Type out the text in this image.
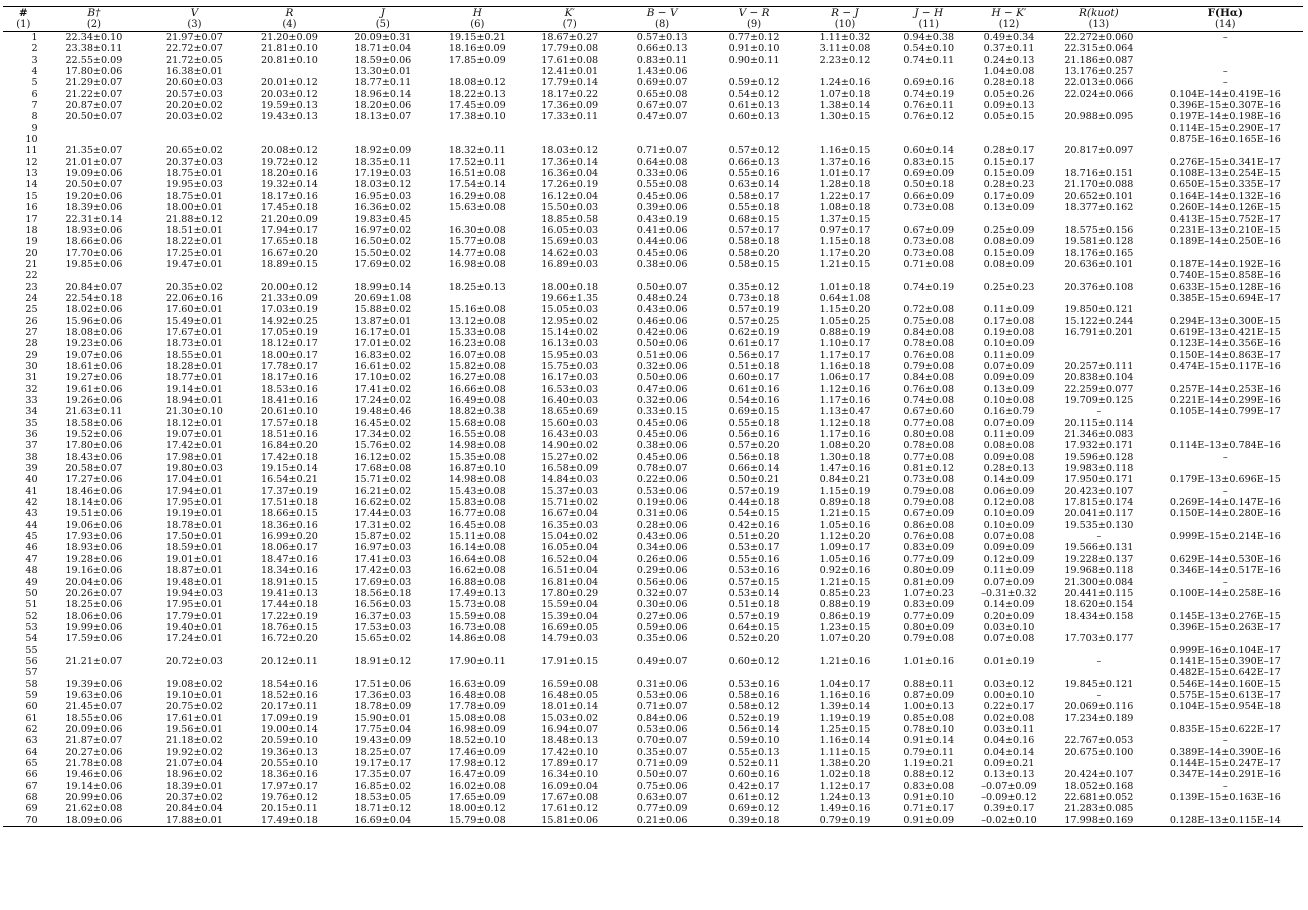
#	B†	V	R	J	H	K′	B − V	V − R	R − J	J − H	H − K′	R(kuot)	F(Hα)
(1)	(2)	(3)	(4)	(5)	(6)	(7)	(8)	(9)	(10)	(11)	(12)	(13)	(14)
1	22.34±0.10	21.97±0.07	21.20±0.09	20.09±0.31	19.15±0.21	18.67±0.27	0.57±0.13	0.77±0.12	1.11±0.32	0.94±0.38	0.49±0.34	22.272±0.060	–
2	23.38±0.11	22.72±0.07	21.81±0.10	18.71±0.04	18.16±0.09	17.79±0.08	0.66±0.13	0.91±0.10	3.11±0.08	0.54±0.10	0.37±0.11	22.315±0.064	
3	22.55±0.09	21.72±0.05	20.81±0.10	18.59±0.06	17.85±0.09	17.61±0.08	0.83±0.11	0.90±0.11	2.23±0.12	0.74±0.11	0.24±0.13	21.186±0.087	
4	17.80±0.06	16.38±0.01		13.30±0.01		12.41±0.01	1.43±0.06				1.04±0.08	13.176±0.257	–
5	21.29±0.07	20.60±0.03	20.01±0.12	18.77±0.11	18.08±0.12	17.79±0.14	0.69±0.07	0.59±0.12	1.24±0.16	0.69±0.16	0.28±0.18	22.013±0.066	–
6	21.22±0.07	20.57±0.03	20.03±0.12	18.96±0.14	18.22±0.13	18.17±0.22	0.65±0.08	0.54±0.12	1.07±0.18	0.74±0.19	0.05±0.26	22.024±0.066	0.104E–14±0.419E–16
7	20.87±0.07	20.20±0.02	19.59±0.13	18.20±0.06	17.45±0.09	17.36±0.09	0.67±0.07	0.61±0.13	1.38±0.14	0.76±0.11	0.09±0.13		0.396E–15±0.307E–16
8	20.50±0.07	20.03±0.02	19.43±0.13	18.13±0.07	17.38±0.10	17.33±0.11	0.47±0.07	0.60±0.13	1.30±0.15	0.76±0.12	0.05±0.15	20.988±0.095	0.197E–14±0.198E–16
9													0.114E–15±0.290E–17
10													0.875E–16±0.165E–16
11	21.35±0.07	20.65±0.02	20.08±0.12	18.92±0.09	18.32±0.11	18.03±0.12	0.71±0.07	0.57±0.12	1.16±0.15	0.60±0.14	0.28±0.17	20.817±0.097	
12	21.01±0.07	20.37±0.03	19.72±0.12	18.35±0.11	17.52±0.11	17.36±0.14	0.64±0.08	0.66±0.13	1.37±0.16	0.83±0.15	0.15±0.17		0.276E–15±0.341E–17
13	19.09±0.06	18.75±0.01	18.20±0.16	17.19±0.03	16.51±0.08	16.36±0.04	0.33±0.06	0.55±0.16	1.01±0.17	0.69±0.09	0.15±0.09	18.716±0.151	0.108E–13±0.254E–15
14	20.50±0.07	19.95±0.03	19.32±0.14	18.03±0.12	17.54±0.14	17.26±0.19	0.55±0.08	0.63±0.14	1.28±0.18	0.50±0.18	0.28±0.23	21.170±0.088	0.650E–15±0.335E–17
15	19.20±0.06	18.75±0.01	18.17±0.16	16.95±0.03	16.29±0.08	16.12±0.04	0.45±0.06	0.58±0.17	1.22±0.17	0.66±0.09	0.17±0.09	20.652±0.101	0.164E–14±0.132E–16
16	18.39±0.06	18.00±0.01	17.45±0.18	16.36±0.02	15.63±0.08	15.50±0.03	0.39±0.06	0.55±0.18	1.08±0.18	0.73±0.08	0.13±0.09	18.377±0.162	0.260E–14±0.126E–15
17	22.31±0.14	21.88±0.12	21.20±0.09	19.83±0.45		18.85±0.58	0.43±0.19	0.68±0.15	1.37±0.15				0.413E–15±0.752E–17
18	18.93±0.06	18.51±0.01	17.94±0.17	16.97±0.02	16.30±0.08	16.05±0.03	0.41±0.06	0.57±0.17	0.97±0.17	0.67±0.09	0.25±0.09	18.575±0.156	0.231E–13±0.210E–15
19	18.66±0.06	18.22±0.01	17.65±0.18	16.50±0.02	15.77±0.08	15.69±0.03	0.44±0.06	0.58±0.18	1.15±0.18	0.73±0.08	0.08±0.09	19.581±0.128	0.189E–14±0.250E–16
20	17.70±0.06	17.25±0.01	16.67±0.20	15.50±0.02	14.77±0.08	14.62±0.03	0.45±0.06	0.58±0.20	1.17±0.20	0.73±0.08	0.15±0.09	18.176±0.165	
21	19.85±0.06	19.47±0.01	18.89±0.15	17.69±0.02	16.98±0.08	16.89±0.03	0.38±0.06	0.58±0.15	1.21±0.15	0.71±0.08	0.08±0.09	20.636±0.101	0.187E–14±0.192E–16
22													0.740E–15±0.858E–16
23	20.84±0.07	20.35±0.02	20.00±0.12	18.99±0.14	18.25±0.13	18.00±0.18	0.50±0.07	0.35±0.12	1.01±0.18	0.74±0.19	0.25±0.23	20.376±0.108	0.633E–15±0.128E–16
24	22.54±0.18	22.06±0.16	21.33±0.09	20.69±1.08		19.66±1.35	0.48±0.24	0.73±0.18	0.64±1.08				0.385E–15±0.694E–17
25	18.02±0.06	17.60±0.01	17.03±0.19	15.88±0.02	15.16±0.08	15.05±0.03	0.43±0.06	0.57±0.19	1.15±0.20	0.72±0.08	0.11±0.09	19.850±0.121	
26	15.96±0.06	15.49±0.01	14.92±0.25	13.87±0.01	13.12±0.08	12.95±0.02	0.46±0.06	0.57±0.25	1.05±0.25	0.75±0.08	0.17±0.08	15.122±0.244	0.294E–13±0.300E–15
27	18.08±0.06	17.67±0.01	17.05±0.19	16.17±0.01	15.33±0.08	15.14±0.02	0.42±0.06	0.62±0.19	0.88±0.19	0.84±0.08	0.19±0.08	16.791±0.201	0.619E–13±0.421E–15
28	19.23±0.06	18.73±0.01	18.12±0.17	17.01±0.02	16.23±0.08	16.13±0.03	0.50±0.06	0.61±0.17	1.10±0.17	0.78±0.08	0.10±0.09		0.123E–14±0.356E–16
29	19.07±0.06	18.55±0.01	18.00±0.17	16.83±0.02	16.07±0.08	15.95±0.03	0.51±0.06	0.56±0.17	1.17±0.17	0.76±0.08	0.11±0.09		0.150E–14±0.863E–17
30	18.61±0.06	18.28±0.01	17.78±0.17	16.61±0.02	15.82±0.08	15.75±0.03	0.32±0.06	0.51±0.18	1.16±0.18	0.79±0.08	0.07±0.09	20.257±0.111	0.474E–15±0.117E–16
31	19.27±0.06	18.77±0.01	18.17±0.16	17.10±0.02	16.27±0.08	16.17±0.03	0.50±0.06	0.60±0.17	1.06±0.17	0.84±0.08	0.09±0.09	20.838±0.104	
32	19.61±0.06	19.14±0.01	18.53±0.16	17.41±0.02	16.66±0.08	16.53±0.03	0.47±0.06	0.61±0.16	1.12±0.16	0.76±0.08	0.13±0.09	22.259±0.077	0.257E–14±0.253E–16
33	19.26±0.06	18.94±0.01	18.41±0.16	17.24±0.02	16.49±0.08	16.40±0.03	0.32±0.06	0.54±0.16	1.17±0.16	0.74±0.08	0.10±0.08	19.709±0.125	0.221E–14±0.299E–16
34	21.63±0.11	21.30±0.10	20.61±0.10	19.48±0.46	18.82±0.38	18.65±0.69	0.33±0.15	0.69±0.15	1.13±0.47	0.67±0.60	0.16±0.79	–	0.105E–14±0.799E–17
35	18.58±0.06	18.12±0.01	17.57±0.18	16.45±0.02	15.68±0.08	15.60±0.03	0.45±0.06	0.55±0.18	1.12±0.18	0.77±0.08	0.07±0.09	20.115±0.114	
36	19.52±0.06	19.07±0.01	18.51±0.16	17.34±0.02	16.55±0.08	16.43±0.03	0.45±0.06	0.56±0.16	1.17±0.16	0.80±0.08	0.11±0.09	21.346±0.083	
37	17.80±0.06	17.42±0.01	16.84±0.20	15.76±0.02	14.98±0.08	14.90±0.02	0.38±0.06	0.57±0.20	1.08±0.20	0.78±0.08	0.08±0.08	17.932±0.171	0.114E–13±0.784E–16
38	18.43±0.06	17.98±0.01	17.42±0.18	16.12±0.02	15.35±0.08	15.27±0.02	0.45±0.06	0.56±0.18	1.30±0.18	0.77±0.08	0.09±0.08	19.596±0.128	–
39	20.58±0.07	19.80±0.03	19.15±0.14	17.68±0.08	16.87±0.10	16.58±0.09	0.78±0.07	0.66±0.14	1.47±0.16	0.81±0.12	0.28±0.13	19.983±0.118	
40	17.27±0.06	17.04±0.01	16.54±0.21	15.71±0.02	14.98±0.08	14.84±0.03	0.22±0.06	0.50±0.21	0.84±0.21	0.73±0.08	0.14±0.09	17.950±0.171	0.179E–13±0.696E–15
41	18.46±0.06	17.94±0.01	17.37±0.19	16.21±0.02	15.43±0.08	15.37±0.03	0.53±0.06	0.57±0.19	1.15±0.19	0.79±0.08	0.06±0.09	20.423±0.107	–
42	18.14±0.06	17.95±0.01	17.51±0.18	16.62±0.02	15.83±0.08	15.71±0.02	0.19±0.06	0.44±0.18	0.89±0.18	0.79±0.08	0.12±0.08	17.815±0.174	0.269E–14±0.147E–16
43	19.51±0.06	19.19±0.01	18.66±0.15	17.44±0.03	16.77±0.08	16.67±0.04	0.31±0.06	0.54±0.15	1.21±0.15	0.67±0.09	0.10±0.09	20.041±0.117	0.150E–14±0.280E–16
44	19.06±0.06	18.78±0.01	18.36±0.16	17.31±0.02	16.45±0.08	16.35±0.03	0.28±0.06	0.42±0.16	1.05±0.16	0.86±0.08	0.10±0.09	19.535±0.130	
45	17.93±0.06	17.50±0.01	16.99±0.20	15.87±0.02	15.11±0.08	15.04±0.02	0.43±0.06	0.51±0.20	1.12±0.20	0.76±0.08	0.07±0.08	–	0.999E–15±0.214E–16
46	18.93±0.06	18.59±0.01	18.06±0.17	16.97±0.03	16.14±0.08	16.05±0.04	0.34±0.06	0.53±0.17	1.09±0.17	0.83±0.09	0.09±0.09	19.566±0.131	
47	19.28±0.06	19.01±0.01	18.47±0.16	17.41±0.03	16.64±0.08	16.52±0.04	0.26±0.06	0.55±0.16	1.05±0.16	0.77±0.09	0.12±0.09	19.228±0.137	0.629E–14±0.530E–16
48	19.16±0.06	18.87±0.01	18.34±0.16	17.42±0.03	16.62±0.08	16.51±0.04	0.29±0.06	0.53±0.16	0.92±0.16	0.80±0.09	0.11±0.09	19.968±0.118	0.346E–14±0.517E–16
49	20.04±0.06	19.48±0.01	18.91±0.15	17.69±0.03	16.88±0.08	16.81±0.04	0.56±0.06	0.57±0.15	1.21±0.15	0.81±0.09	0.07±0.09	21.300±0.084	–
50	20.26±0.07	19.94±0.03	19.41±0.13	18.56±0.18	17.49±0.13	17.80±0.29	0.32±0.07	0.53±0.14	0.85±0.23	1.07±0.23	–0.31±0.32	20.441±0.115	0.100E–14±0.258E–16
51	18.25±0.06	17.95±0.01	17.44±0.18	16.56±0.03	15.73±0.08	15.59±0.04	0.30±0.06	0.51±0.18	0.88±0.19	0.83±0.09	0.14±0.09	18.620±0.154	
52	18.06±0.06	17.79±0.01	17.22±0.19	16.37±0.03	15.59±0.08	15.39±0.04	0.27±0.06	0.57±0.19	0.86±0.19	0.77±0.09	0.20±0.09	18.434±0.158	0.145E–13±0.276E–15
53	19.99±0.06	19.40±0.01	18.76±0.15	17.53±0.03	16.73±0.08	16.69±0.05	0.59±0.06	0.64±0.15	1.23±0.15	0.80±0.09	0.03±0.10		0.396E–15±0.263E–17
54	17.59±0.06	17.24±0.01	16.72±0.20	15.65±0.02	14.86±0.08	14.79±0.03	0.35±0.06	0.52±0.20	1.07±0.20	0.79±0.08	0.07±0.08	17.703±0.177	
55													0.999E–16±0.104E–17
56	21.21±0.07	20.72±0.03	20.12±0.11	18.91±0.12	17.90±0.11	17.91±0.15	0.49±0.07	0.60±0.12	1.21±0.16	1.01±0.16	0.01±0.19	–	0.141E–15±0.390E–17
57													0.482E–15±0.642E–17
58	19.39±0.06	19.08±0.02	18.54±0.16	17.51±0.06	16.63±0.09	16.59±0.08	0.31±0.06	0.53±0.16	1.04±0.17	0.88±0.11	0.03±0.12	19.845±0.121	0.546E–14±0.160E–15
59	19.63±0.06	19.10±0.01	18.52±0.16	17.36±0.03	16.48±0.08	16.48±0.05	0.53±0.06	0.58±0.16	1.16±0.16	0.87±0.09	0.00±0.10	–	0.575E–15±0.613E–17
60	21.45±0.07	20.75±0.02	20.17±0.11	18.78±0.09	17.78±0.09	18.01±0.14	0.71±0.07	0.58±0.12	1.39±0.14	1.00±0.13	0.22±0.17	20.069±0.116	0.104E–15±0.954E–18
61	18.55±0.06	17.61±0.01	17.09±0.19	15.90±0.01	15.08±0.08	15.03±0.02	0.84±0.06	0.52±0.19	1.19±0.19	0.85±0.08	0.02±0.08	17.234±0.189	
62	20.09±0.06	19.56±0.01	19.00±0.14	17.75±0.04	16.98±0.09	16.94±0.07	0.53±0.06	0.56±0.14	1.25±0.15	0.78±0.10	0.03±0.11		0.835E–15±0.622E–17
63	21.87±0.07	21.18±0.02	20.59±0.10	19.43±0.09	18.52±0.10	18.48±0.13	0.70±0.07	0.59±0.10	1.16±0.14	0.91±0.14	0.04±0.16	22.767±0.053	–
64	20.27±0.06	19.92±0.02	19.36±0.13	18.25±0.07	17.46±0.09	17.42±0.10	0.35±0.07	0.55±0.13	1.11±0.15	0.79±0.11	0.04±0.14	20.675±0.100	0.389E–14±0.390E–16
65	21.78±0.08	21.07±0.04	20.55±0.10	19.17±0.17	17.98±0.12	17.89±0.17	0.71±0.09	0.52±0.11	1.38±0.20	1.19±0.21	0.09±0.21		0.144E–15±0.247E–17
66	19.46±0.06	18.96±0.02	18.36±0.16	17.35±0.07	16.47±0.09	16.34±0.10	0.50±0.07	0.60±0.16	1.02±0.18	0.88±0.12	0.13±0.13	20.424±0.107	0.347E–14±0.291E–16
67	19.14±0.06	18.39±0.01	17.97±0.17	16.85±0.02	16.02±0.08	16.09±0.04	0.75±0.06	0.42±0.17	1.12±0.17	0.83±0.08	–0.07±0.09	18.052±0.168	–
68	20.99±0.06	20.37±0.02	19.76±0.12	18.53±0.05	17.65±0.09	17.67±0.08	0.63±0.07	0.61±0.12	1.24±0.13	0.91±0.10	–0.09±0.12	22.681±0.052	0.139E–15±0.163E–16
69	21.62±0.08	20.84±0.04	20.15±0.11	18.71±0.12	18.00±0.12	17.61±0.12	0.77±0.09	0.69±0.12	1.49±0.16	0.71±0.17	0.39±0.17	21.283±0.085	
70	18.09±0.06	17.88±0.01	17.49±0.18	16.69±0.04	15.79±0.08	15.81±0.06	0.21±0.06	0.39±0.18	0.79±0.19	0.91±0.09	–0.02±0.10	17.998±0.169	0.128E–13±0.115E–14
